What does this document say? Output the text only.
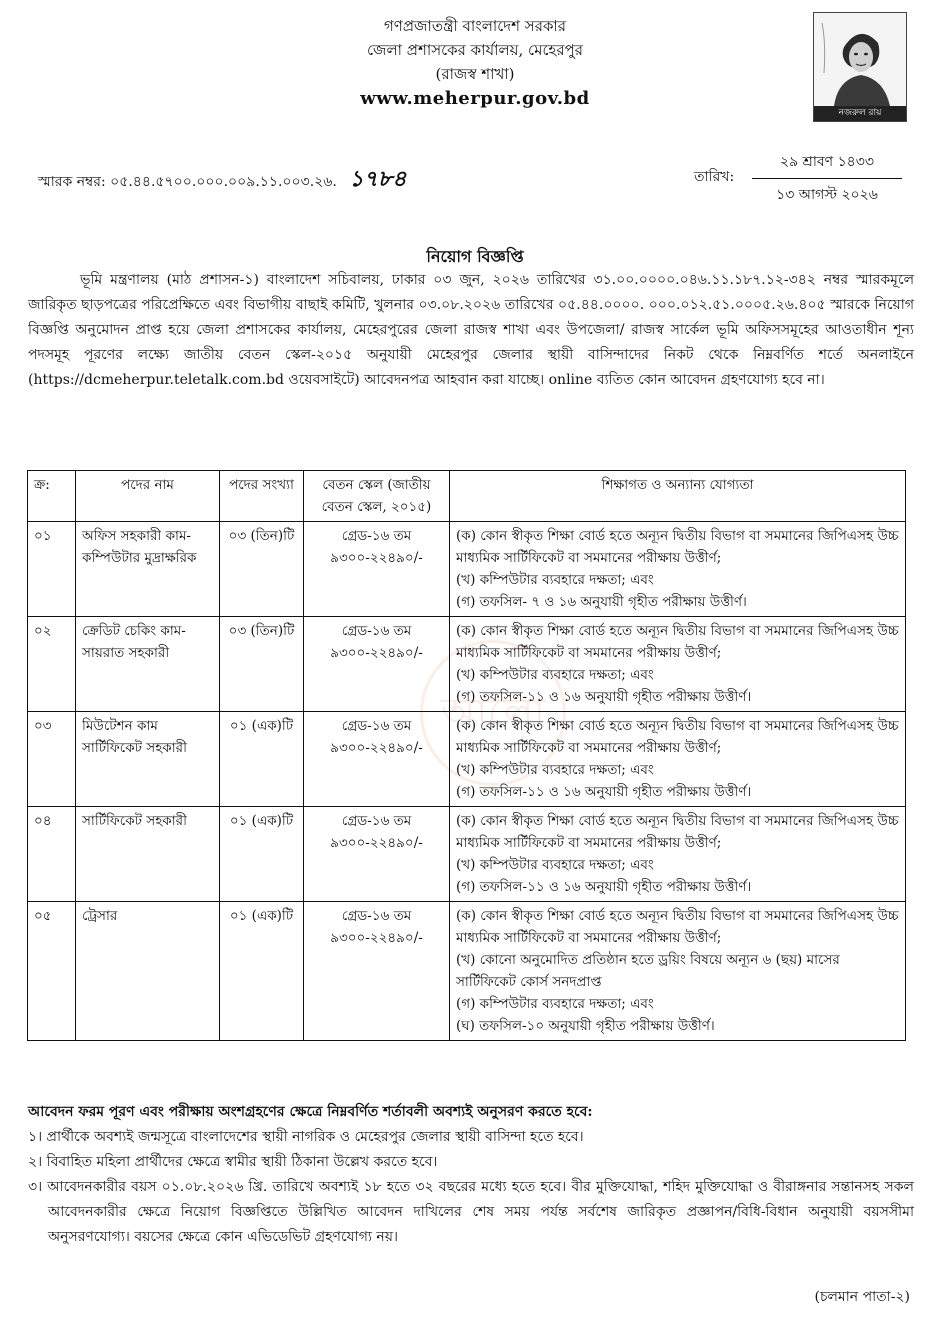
গণপ্রজাতন্ত্রী বাংলাদেশ সরকার
জেলা প্রশাসকের কার্যালয়, মেহেরপুর
(রাজস্ব শাখা)
www.meherpur.gov.bd
নজরুল রায়
স্মারক নম্বর: ০৫.৪৪.৫৭০০.০০০.০০৯.১১.০০৩.২৬. ১৭৮৪	তারিখ:
২৯ শ্রাবণ ১৪৩৩
১৩ আগস্ট ২০২৬
নিয়োগ বিজ্ঞপ্তি
ভূমি মন্ত্রণালয় (মাঠ প্রশাসন-১) বাংলাদেশ সচিবালয়, ঢাকার ০৩ জুন, ২০২৬ তারিখের ৩১.০০.০০০০.০৪৬.১১.১৮৭.১২-৩৪২ নম্বর স্মারকমূলে জারিকৃত ছাড়পত্রের পরিপ্রেক্ষিতে এবং বিভাগীয় বাছাই কমিটি, খুলনার ০৩.০৮.২০২৬ তারিখের ০৫.৪৪.০০০০. ০০০.০১২.৫১.০০০৫.২৬.৪০৫ স্মারকে নিয়োগ বিজ্ঞপ্তি অনুমোদন প্রাপ্ত হয়ে জেলা প্রশাসকের কার্যালয়, মেহেরপুরের জেলা রাজস্ব শাখা এবং উপজেলা/ রাজস্ব সার্কেল ভূমি অফিসসমূহের আওতাধীন শূন্য পদসমূহ পূরণের লক্ষ্যে জাতীয় বেতন স্কেল-২০১৫ অনুযায়ী মেহেরপুর জেলার স্থায়ী বাসিন্দাদের নিকট থেকে নিম্নবর্ণিত শর্তে অনলাইনে (https://dcmeherpur.teletalk.com.bd ওয়েবসাইটে) আবেদনপত্র আহবান করা যাচ্ছে। online ব্যতিত কোন আবেদন গ্রহণযোগ্য হবে না।
আলো
ক্র:	পদের নাম	পদের সংখ্যা	বেতন স্কেল (জাতীয় বেতন স্কেল, ২০১৫)	শিক্ষাগত ও অন্যান্য যোগ্যতা
০১	অফিস সহকারী কাম-কম্পিউটার মুদ্রাক্ষরিক	০৩ (তিন)টি	গ্রেড-১৬ তম
৯৩০০-২২৪৯০/-	(ক) কোন স্বীকৃত শিক্ষা বোর্ড হতে অন্যূন দ্বিতীয় বিভাগ বা সমমানের জিপিএসহ উচ্চ মাধ্যমিক সার্টিফিকেট বা সমমানের পরীক্ষায় উত্তীর্ণ;
(খ) কম্পিউটার ব্যবহারে দক্ষতা; এবং
(গ) তফসিল- ৭ ও ১৬ অনুযায়ী গৃহীত পরীক্ষায় উত্তীর্ণ।

০২	ক্রেডিট চেকিং কাম-সায়রাত সহকারী	০৩ (তিন)টি	গ্রেড-১৬ তম
৯৩০০-২২৪৯০/-	(ক) কোন স্বীকৃত শিক্ষা বোর্ড হতে অন্যূন দ্বিতীয় বিভাগ বা সমমানের জিপিএসহ উচ্চ মাধ্যমিক সার্টিফিকেট বা সমমানের পরীক্ষায় উত্তীর্ণ;
(খ) কম্পিউটার ব্যবহারে দক্ষতা; এবং
(গ) তফসিল-১১ ও ১৬ অনুযায়ী গৃহীত পরীক্ষায় উত্তীর্ণ।

০৩	মিউটেশন কাম সার্টিফিকেট সহকারী	০১ (এক)টি	গ্রেড-১৬ তম
৯৩০০-২২৪৯০/-	(ক) কোন স্বীকৃত শিক্ষা বোর্ড হতে অন্যূন দ্বিতীয় বিভাগ বা সমমানের জিপিএসহ উচ্চ মাধ্যমিক সার্টিফিকেট বা সমমানের পরীক্ষায় উত্তীর্ণ;
(খ) কম্পিউটার ব্যবহারে দক্ষতা; এবং
(গ) তফসিল-১১ ও ১৬ অনুযায়ী গৃহীত পরীক্ষায় উত্তীর্ণ।

০৪	সার্টিফিকেট সহকারী	০১ (এক)টি	গ্রেড-১৬ তম
৯৩০০-২২৪৯০/-	(ক) কোন স্বীকৃত শিক্ষা বোর্ড হতে অন্যূন দ্বিতীয় বিভাগ বা সমমানের জিপিএসহ উচ্চ মাধ্যমিক সার্টিফিকেট বা সমমানের পরীক্ষায় উত্তীর্ণ;
(খ) কম্পিউটার ব্যবহারে দক্ষতা; এবং
(গ) তফসিল-১১ ও ১৬ অনুযায়ী গৃহীত পরীক্ষায় উত্তীর্ণ।

০৫	ট্রেসার	০১ (এক)টি	গ্রেড-১৬ তম
৯৩০০-২২৪৯০/-	(ক) কোন স্বীকৃত শিক্ষা বোর্ড হতে অন্যূন দ্বিতীয় বিভাগ বা সমমানের জিপিএসহ উচ্চ মাধ্যমিক সার্টিফিকেট বা সমমানের পরীক্ষায় উত্তীর্ণ;
(খ) কোনো অনুমোদিত প্রতিষ্ঠান হতে ড্রয়িং বিষয়ে অন্যূন ৬ (ছয়) মাসের সার্টিফিকেট কোর্স সনদপ্রাপ্ত
(গ) কম্পিউটার ব্যবহারে দক্ষতা; এবং
(ঘ) তফসিল-১০ অনুযায়ী গৃহীত পরীক্ষায় উত্তীর্ণ।
আবেদন ফরম পূরণ এবং পরীক্ষায় অংশগ্রহণের ক্ষেত্রে নিম্নবর্ণিত শর্তাবলী অবশ্যই অনুসরণ করতে হবে:
১। প্রার্থীকে অবশ্যই জন্মসূত্রে বাংলাদেশের স্থায়ী নাগরিক ও মেহেরপুর জেলার স্থায়ী বাসিন্দা হতে হবে।
২। বিবাহিত মহিলা প্রার্থীদের ক্ষেত্রে স্বামীর স্থায়ী ঠিকানা উল্লেখ করতে হবে।
৩। আবেদনকারীর বয়স ০১.০৮.২০২৬ খ্রি. তারিখে অবশ্যই ১৮ হতে ৩২ বছরের মধ্যে হতে হবে। বীর মুক্তিযোদ্ধা, শহিদ মুক্তিযোদ্ধা ও বীরাঙ্গনার সন্তানসহ সকল আবেদনকারীর ক্ষেত্রে নিয়োগ বিজ্ঞপ্তিতে উল্লিখিত আবেদন দাখিলের শেষ সময় পর্যন্ত সর্বশেষ জারিকৃত প্রজ্ঞাপন/বিধি-বিধান অনুযায়ী বয়সসীমা অনুসরণযোগ্য। বয়সের ক্ষেত্রে কোন এভিডেভিট গ্রহণযোগ্য নয়।
(চলমান পাতা-২)
